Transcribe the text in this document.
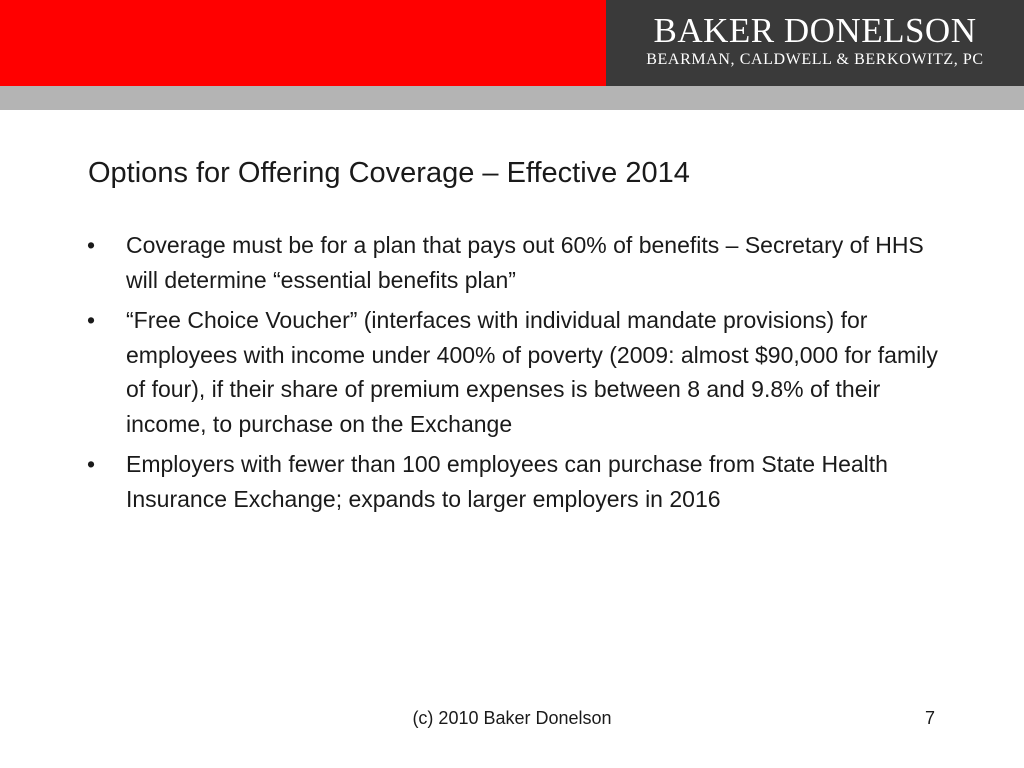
BAKER DONELSON
BEARMAN, CALDWELL & BERKOWITZ, PC
Options for Offering Coverage – Effective 2014
• Coverage must be for a plan that pays out 60% of benefits – Secretary of HHS will determine “essential benefits plan”
• “Free Choice Voucher” (interfaces with individual mandate provisions) for employees with income under 400% of poverty (2009: almost $90,000 for family of four), if their share of premium expenses is between 8 and 9.8% of their income, to purchase on the Exchange
• Employers with fewer than 100 employees can purchase from State Health Insurance Exchange; expands to larger employers in 2016
(c) 2010 Baker Donelson	7
